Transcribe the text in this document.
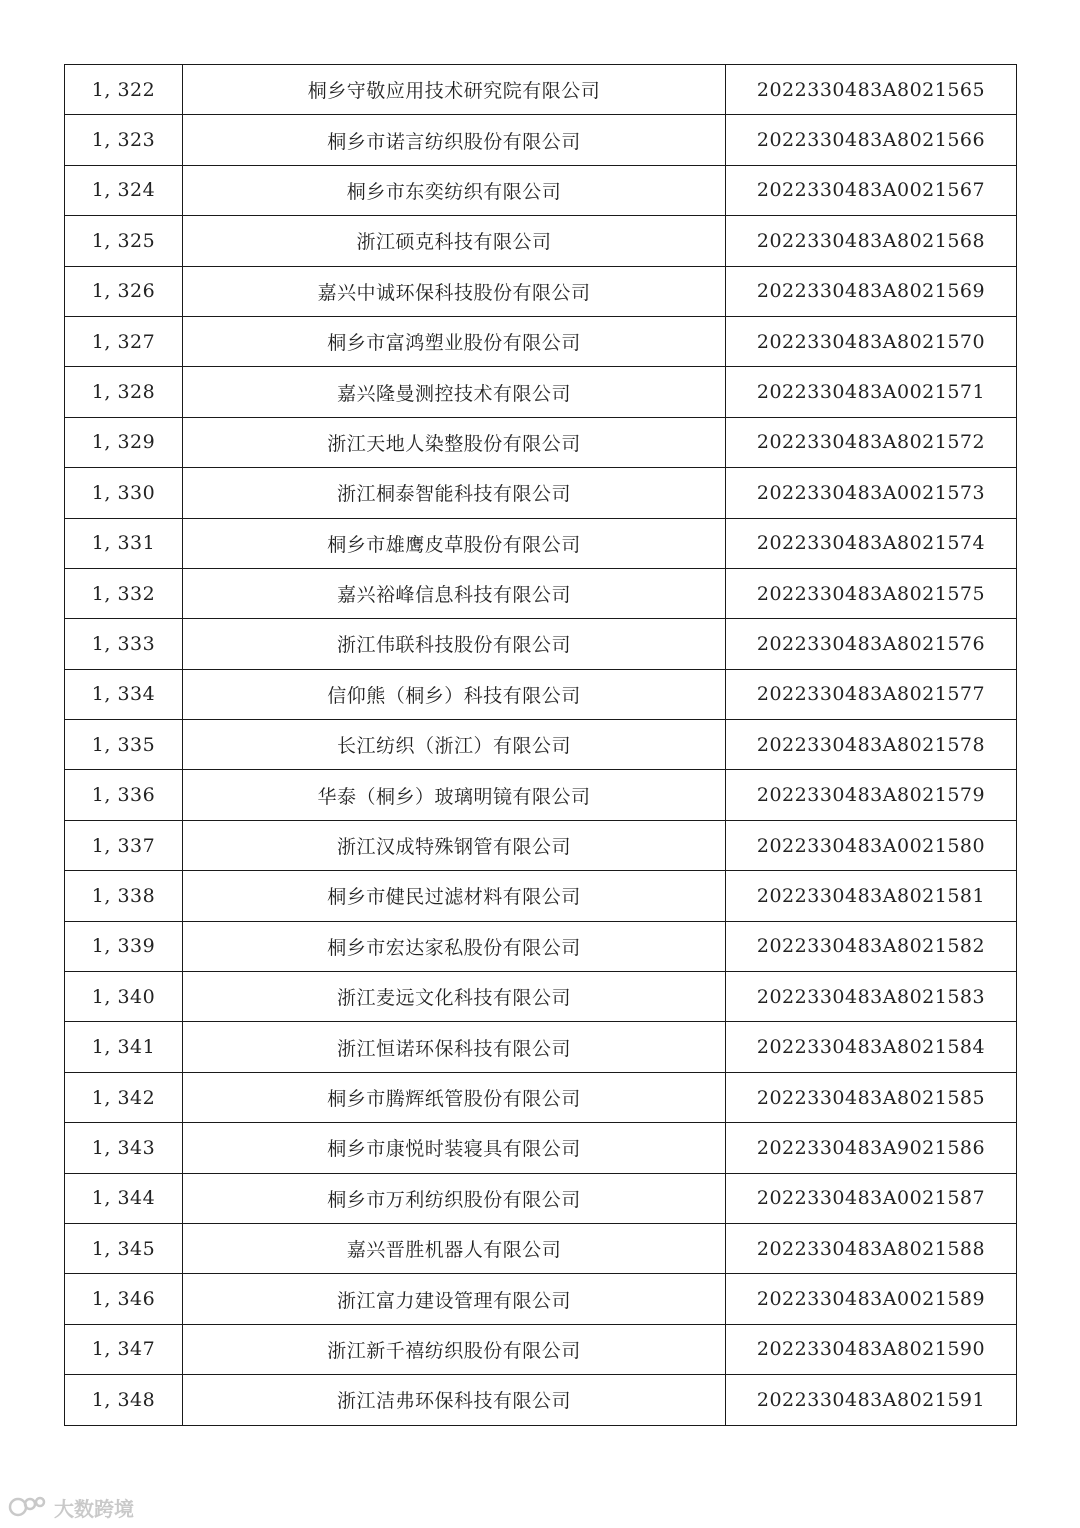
1, 322	桐乡守敬应用技术研究院有限公司	2022330483A8021565
1, 323	桐乡市诺言纺织股份有限公司	2022330483A8021566
1, 324	桐乡市东奕纺织有限公司	2022330483A0021567
1, 325	浙江硕克科技有限公司	2022330483A8021568
1, 326	嘉兴中诚环保科技股份有限公司	2022330483A8021569
1, 327	桐乡市富鸿塑业股份有限公司	2022330483A8021570
1, 328	嘉兴隆曼测控技术有限公司	2022330483A0021571
1, 329	浙江天地人染整股份有限公司	2022330483A8021572
1, 330	浙江桐泰智能科技有限公司	2022330483A0021573
1, 331	桐乡市雄鹰皮草股份有限公司	2022330483A8021574
1, 332	嘉兴裕峰信息科技有限公司	2022330483A8021575
1, 333	浙江伟联科技股份有限公司	2022330483A8021576
1, 334	信仰熊（桐乡）科技有限公司	2022330483A8021577
1, 335	长江纺织（浙江）有限公司	2022330483A8021578
1, 336	华泰（桐乡）玻璃明镜有限公司	2022330483A8021579
1, 337	浙江汉成特殊钢管有限公司	2022330483A0021580
1, 338	桐乡市健民过滤材料有限公司	2022330483A8021581
1, 339	桐乡市宏达家私股份有限公司	2022330483A8021582
1, 340	浙江麦远文化科技有限公司	2022330483A8021583
1, 341	浙江恒诺环保科技有限公司	2022330483A8021584
1, 342	桐乡市腾辉纸管股份有限公司	2022330483A8021585
1, 343	桐乡市康悦时装寝具有限公司	2022330483A9021586
1, 344	桐乡市万利纺织股份有限公司	2022330483A0021587
1, 345	嘉兴晋胜机器人有限公司	2022330483A8021588
1, 346	浙江富力建设管理有限公司	2022330483A0021589
1, 347	浙江新千禧纺织股份有限公司	2022330483A8021590
1, 348	浙江洁弗环保科技有限公司	2022330483A8021591
大数跨境
